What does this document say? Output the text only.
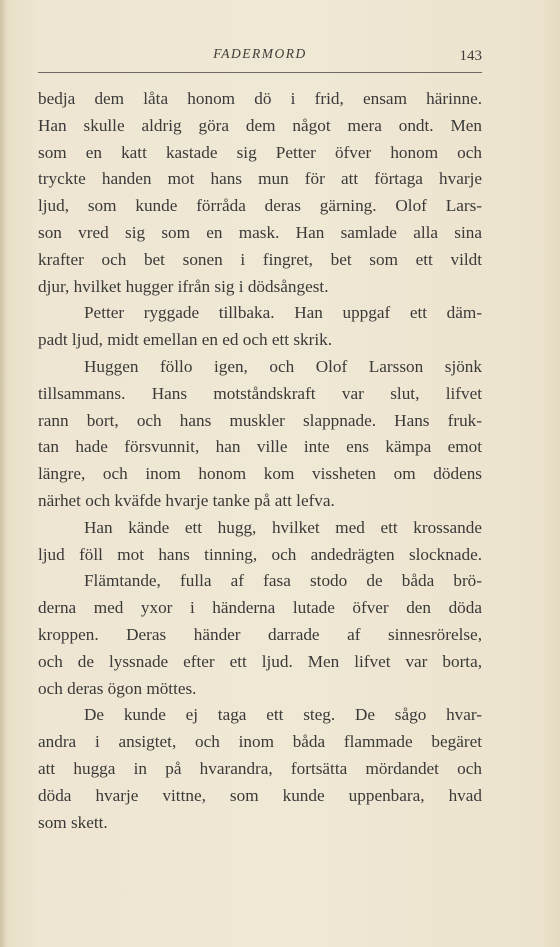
FADERMORD	143
bedja dem låta honom dö i frid, ensam härinne.
Han skulle aldrig göra dem något mera ondt. Men
som en katt kastade sig Petter öfver honom och
tryckte handen mot hans mun för att förtaga hvarje
ljud, som kunde förråda deras gärning. Olof Lars-
son vred sig som en mask. Han samlade alla sina
krafter och bet sonen i fingret, bet som ett vildt
djur, hvilket hugger ifrån sig i dödsångest.
Petter ryggade tillbaka. Han uppgaf ett däm-
padt ljud, midt emellan en ed och ett skrik.
Huggen föllo igen, och Olof Larsson sjönk
tillsammans. Hans motståndskraft var slut, lifvet
rann bort, och hans muskler slappnade. Hans fruk-
tan hade försvunnit, han ville inte ens kämpa emot
längre, och inom honom kom vissheten om dödens
närhet och kväfde hvarje tanke på att lefva.
Han kände ett hugg, hvilket med ett krossande
ljud föll mot hans tinning, och andedrägten slocknade.
Flämtande, fulla af fasa stodo de båda brö-
derna med yxor i händerna lutade öfver den döda
kroppen. Deras händer darrade af sinnesrörelse,
och de lyssnade efter ett ljud. Men lifvet var borta,
och deras ögon möttes.
De kunde ej taga ett steg. De sågo hvar-
andra i ansigtet, och inom båda flammade begäret
att hugga in på hvarandra, fortsätta mördandet och
döda hvarje vittne, som kunde uppenbara, hvad
som skett.
